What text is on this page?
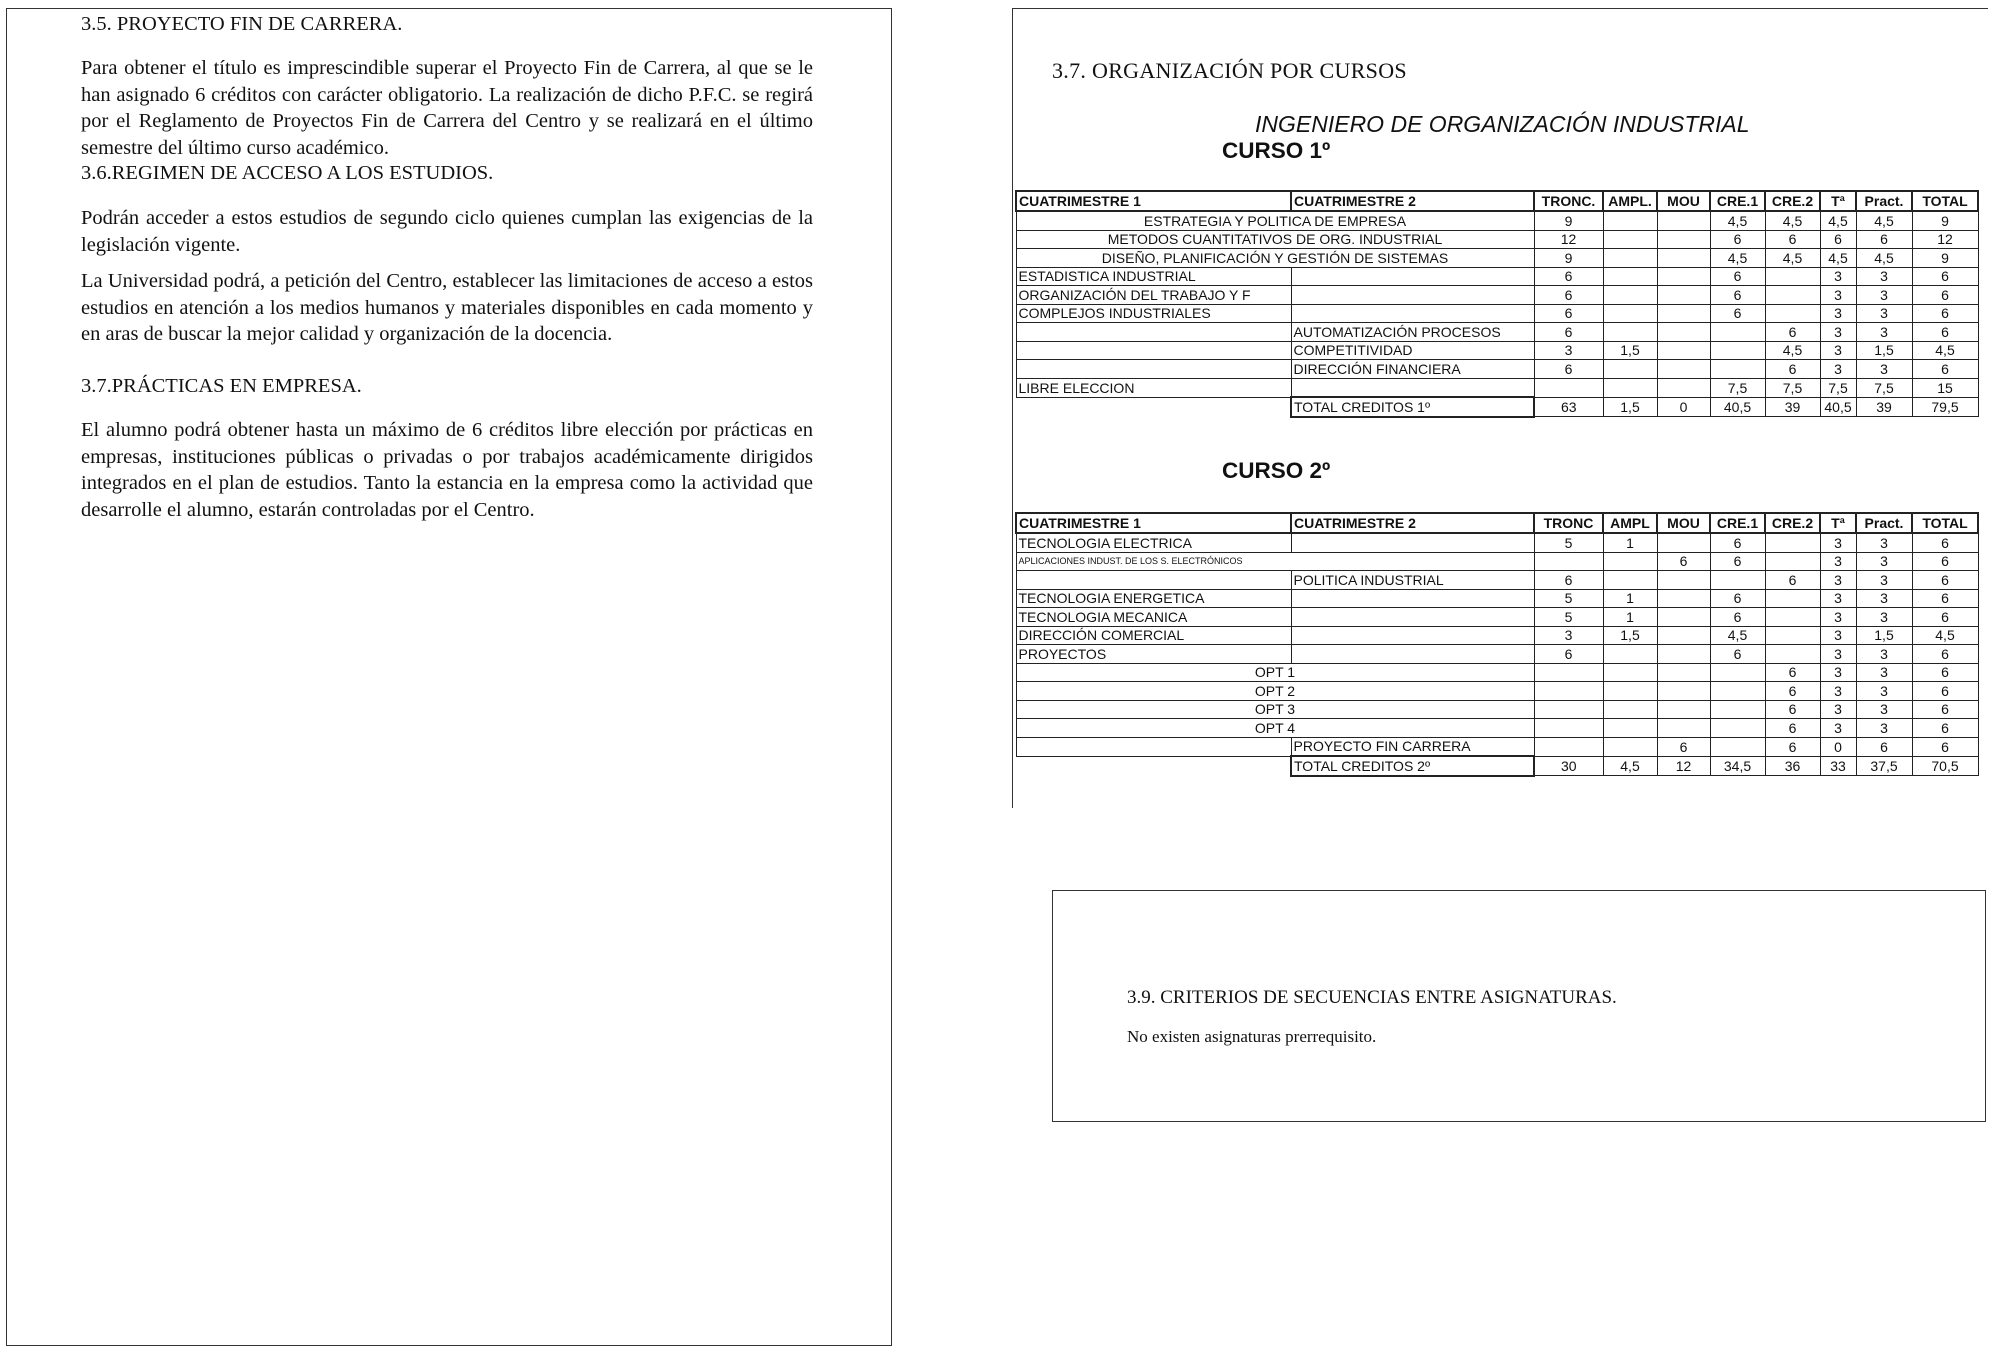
3.5. PROYECTO FIN DE CARRERA.
Para obtener el título es imprescindible superar el Proyecto Fin de Carrera, al que se le han asignado 6 créditos con carácter obligatorio. La realización de dicho P.F.C. se regirá por el Reglamento de Proyectos Fin de Carrera del Centro y se realizará en el último semestre del último curso académico.
3.6.REGIMEN DE ACCESO A LOS ESTUDIOS.
Podrán acceder a estos estudios de segundo ciclo quienes cumplan las exigencias de la legislación vigente.
La Universidad podrá, a petición del Centro, establecer las limitaciones de acceso a estos estudios en atención a los medios humanos y materiales disponibles en cada momento y en aras de buscar la mejor calidad y organización de la docencia.
3.7.PRÁCTICAS EN EMPRESA.
El alumno podrá obtener hasta un máximo de 6 créditos libre elección por prácticas en empresas, instituciones públicas o privadas o por trabajos académicamente dirigidos integrados en el plan de estudios. Tanto la estancia en la empresa como la actividad que desarrolle el alumno, estarán controladas por el Centro.
3.7. ORGANIZACIÓN POR CURSOS
INGENIERO DE ORGANIZACIÓN INDUSTRIAL
CURSO 1º
CUATRIMESTRE 1	CUATRIMESTRE 2	TRONC.	AMPL.	MOU	CRE.1	CRE.2	Tª	Pract.	TOTAL
ESTRATEGIA Y POLITICA DE EMPRESA		9			4,5	4,5	4,5	4,5	9
METODOS CUANTITATIVOS DE ORG. INDUSTRIAL		12			6	6	6	6	12
DISEÑO, PLANIFICACIÓN Y GESTIÓN DE SISTEMAS		9			4,5	4,5	4,5	4,5	9
ESTADISTICA INDUSTRIAL		6			6		3	3	6
ORGANIZACIÓN DEL TRABAJO Y F		6			6		3	3	6
COMPLEJOS INDUSTRIALES		6			6		3	3	6
	AUTOMATIZACIÓN PROCESOS	6				6	3	3	6
	COMPETITIVIDAD	3	1,5			4,5	3	1,5	4,5
	DIRECCIÓN FINANCIERA	6				6	3	3	6
LIBRE ELECCION					7,5	7,5	7,5	7,5	15
	TOTAL CREDITOS 1º	63	1,5	0	40,5	39	40,5	39	79,5
CURSO 2º
CUATRIMESTRE 1	CUATRIMESTRE 2	TRONC	AMPL	MOU	CRE.1	CRE.2	Tª	Pract.	TOTAL
TECNOLOGIA ELECTRICA		5	1		6		3	3	6
APLICACIONES INDUST. DE LOS S. ELECTRÓNICOS				6	6		3	3	6
	POLITICA INDUSTRIAL	6				6	3	3	6
TECNOLOGIA ENERGETICA		5	1		6		3	3	6
TECNOLOGIA MECANICA		5	1		6		3	3	6
DIRECCIÓN COMERCIAL		3	1,5		4,5		3	1,5	4,5
PROYECTOS		6			6		3	3	6
OPT 1						6	3	3	6
OPT 2						6	3	3	6
OPT 3						6	3	3	6
OPT 4						6	3	3	6
	PROYECTO FIN CARRERA			6		6	0	6	6
	TOTAL CREDITOS 2º	30	4,5	12	34,5	36	33	37,5	70,5
3.9. CRITERIOS DE SECUENCIAS ENTRE ASIGNATURAS.
No existen asignaturas prerrequisito.
